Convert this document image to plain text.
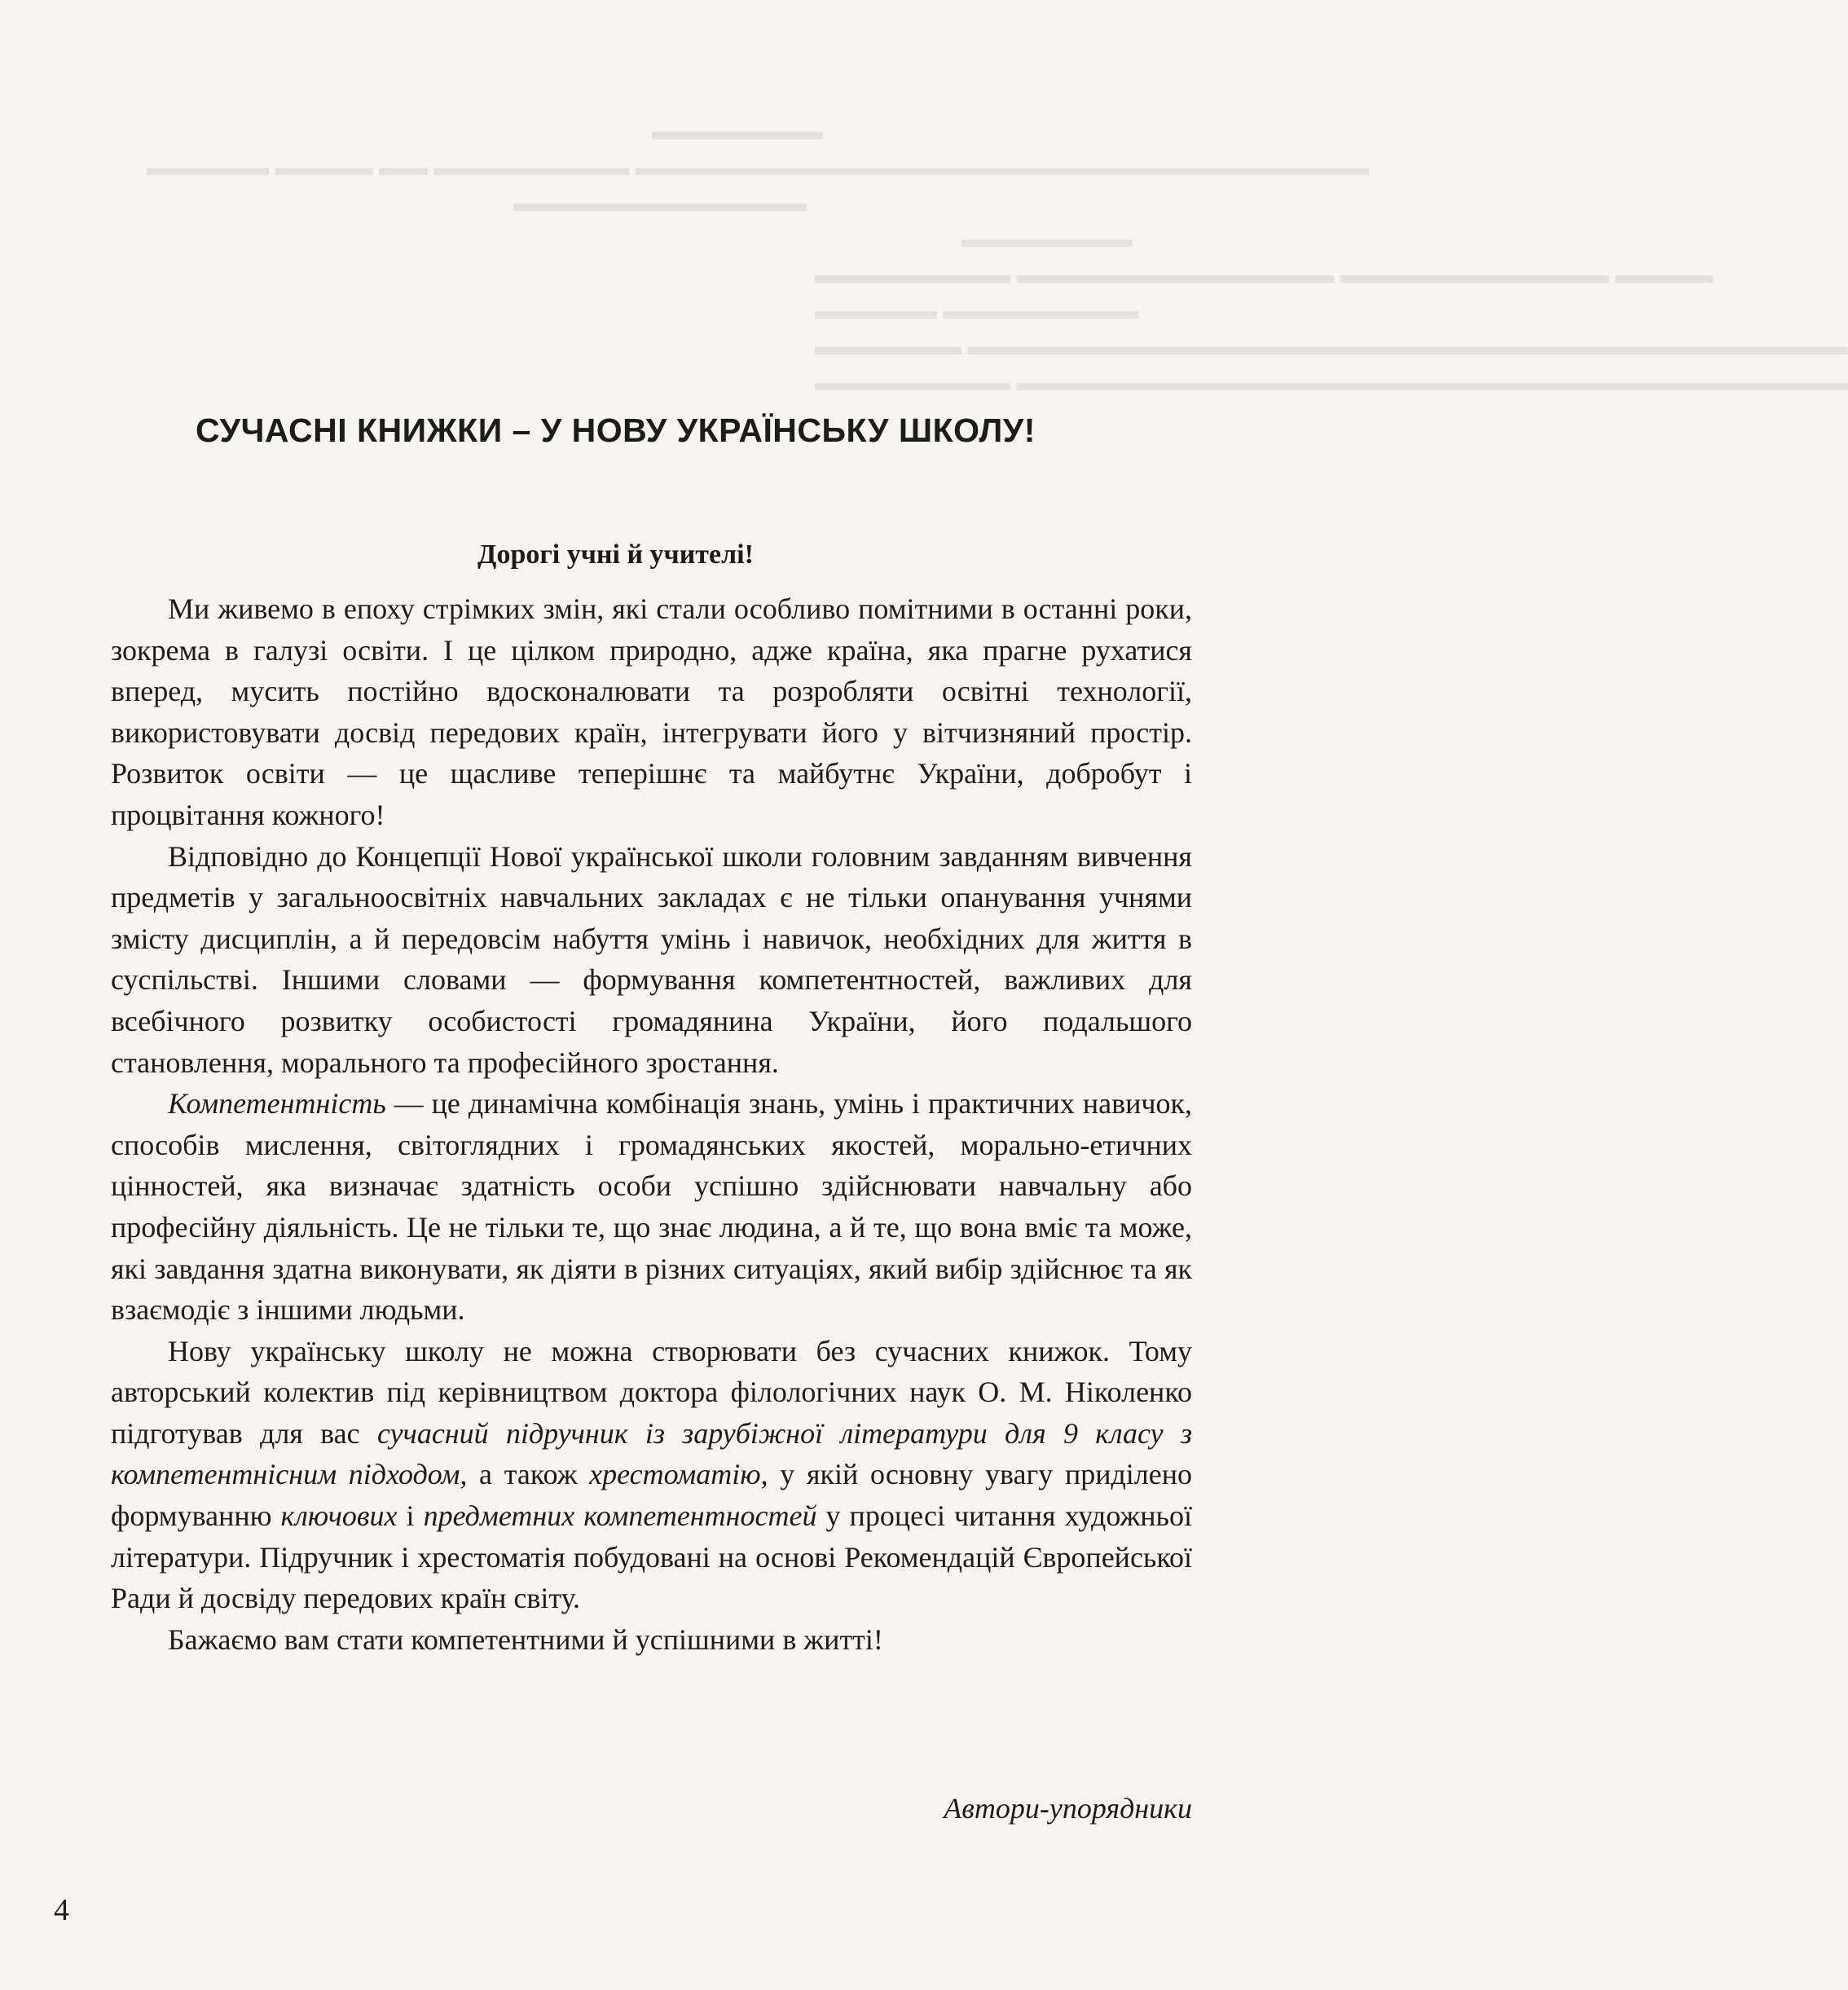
▬▬▬▬▬▬▬
▬▬▬▬▬ ▬▬▬▬ ▬▬ ▬▬▬▬▬▬▬▬ ▬▬▬▬▬▬▬▬▬▬▬▬▬▬▬▬▬▬▬▬▬▬▬▬▬▬▬▬▬▬
▬▬▬▬▬▬▬▬▬▬▬▬
▬▬▬▬▬▬▬
▬▬▬▬▬▬▬▬ ▬▬▬▬▬▬▬▬▬▬▬▬▬ ▬▬▬▬▬▬▬▬▬▬▬ ▬▬▬▬
▬▬▬▬▬ ▬▬▬▬▬▬▬▬
▬▬▬▬▬▬ ▬▬▬▬▬▬▬▬▬▬▬▬▬▬▬▬▬▬▬▬▬▬▬▬▬▬▬▬▬▬▬▬▬▬▬▬
▬▬▬▬▬▬▬▬ ▬▬▬▬▬▬▬▬▬▬▬▬▬▬▬▬▬▬▬▬▬▬▬▬▬▬▬▬▬▬▬▬▬▬
СУЧАСНІ КНИЖКИ – У НОВУ УКРАЇНСЬКУ ШКОЛУ!
Дорогі учні й учителі!

Ми живемо в епоху стрімких змін, які стали особливо помітними в останні роки, зокрема в галузі освіти. І це цілком природно, адже країна, яка прагне рухатися вперед, мусить постійно вдосконалювати та розробляти освітні технології, використовувати досвід передових країн, інтегрувати його у вітчизняний простір. Розвиток освіти — це щасливе теперішнє та майбутнє України, добробут і процвітання кожного!

Відповідно до Концепції Нової української школи головним завданням вивчення предметів у загальноосвітніх навчальних закладах є не тільки опанування учнями змісту дисциплін, а й передовсім набуття умінь і навичок, необхідних для життя в суспільстві. Іншими словами — формування компетентностей, важливих для всебічного розвитку особистості громадянина України, його подальшого становлення, морального та професійного зростання.

Компетентність — це динамічна комбінація знань, умінь і практичних навичок, способів мислення, світоглядних і громадянських якостей, морально-етичних цінностей, яка визначає здатність особи успішно здійснювати навчальну або професійну діяльність. Це не тільки те, що знає людина, а й те, що вона вміє та може, які завдання здатна виконувати, як діяти в різних ситуаціях, який вибір здійснює та як взаємодіє з іншими людьми.

Нову українську школу не можна створювати без сучасних книжок. Тому авторський колектив під керівництвом доктора філологічних наук О. М. Ніколенко підготував для вас сучасний підручник із зарубіжної літератури для 9 класу з компетентнісним підходом, а також хрестоматію, у якій основну увагу приділено формуванню ключових і предметних компетентностей у процесі читання художньої літератури. Підручник і хрестоматія побудовані на основі Рекомендацій Європейської Ради й досвіду передових країн світу.

Бажаємо вам стати компетентними й успішними в житті!

Автори-упорядники

4
